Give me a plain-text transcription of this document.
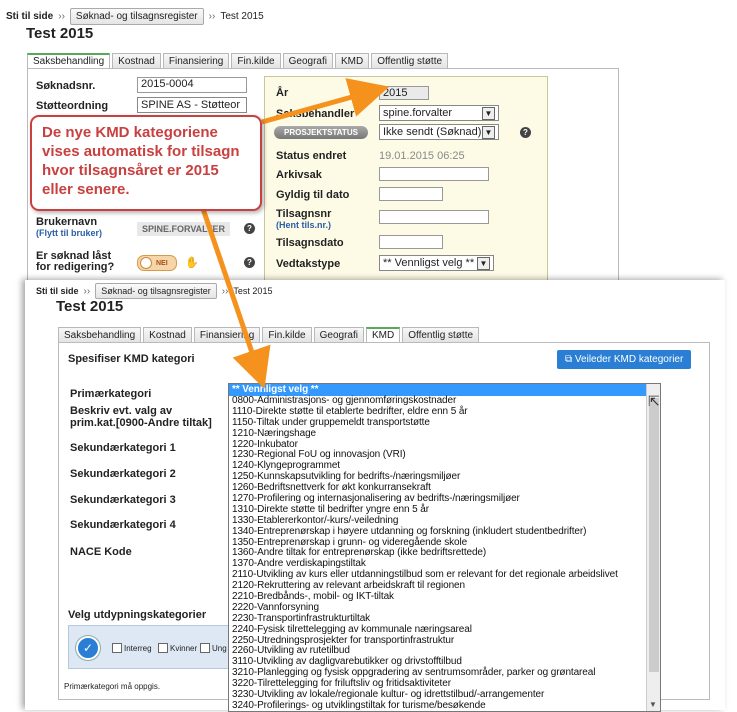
Sti til side ››	Søknad- og tilsagnsregister	›› Test 2015
Test 2015
Saksbehandling	Kostnad	Finansiering	Fin.kilde	Geografi	KMD	Offentlig støtte
Søknadsnr.	2015-0004
Støtteordning	SPINE AS - Støtteor
Brukernavn
(Flytt til bruker)	SPINE.FORVALTER	?
Er søknad låst
for redigering?	NEI ✋	?
År	2015
Saksbehandler	spine.forvalter	▼
PROSJEKTSTATUS	Ikke sendt (Søknad) ▼	?
Status endret	19.01.2015 06:25
Arkivsak
Gyldig til dato
Tilsagnsnr
(Hent tils.nr.)
Tilsagnsdato
Vedtakstype	** Vennligst velg ** ▼
Sti til side ››	Søknad- og tilsagnsregister	›› Test 2015
Test 2015
Saksbehandling	Kostnad	Finansiering	Fin.kilde	Geografi	KMD	Offentlig støtte
Spesifiser KMD kategori	⧉ Veileder KMD kategorier
Primærkategori
Beskriv evt. valg av
prim.kat.[0900-Andre tiltak]
Sekundærkategori 1
Sekundærkategori 2
Sekundærkategori 3
Sekundærkategori 4
NACE Kode
Velg utdypningskategorier
✓	Interreg Kvinner Ung
Primærkategori må oppgis.
** Vennligst velg **
0800-Administrasjons- og gjennomføringskostnader
1110-Direkte støtte til etablerte bedrifter, eldre enn 5 år
1150-Tiltak under gruppemeldt transportstøtte
1210-Næringshage
1220-Inkubator
1230-Regional FoU og innovasjon (VRI)
1240-Klyngeprogrammet
1250-Kunnskapsutvikling for bedrifts-/næringsmiljøer
1260-Bedriftsnettverk for økt konkurransekraft
1270-Profilering og internasjonalisering av bedrifts-/næringsmiljøer
1310-Direkte støtte til bedrifter yngre enn 5 år
1330-Etablererkontor/-kurs/-veiledning
1340-Entreprenørskap i høyere utdanning og forskning (inkludert studentbedrifter)
1350-Entreprenørskap i grunn- og videregående skole
1360-Andre tiltak for entreprenørskap (ikke bedriftsrettede)
1370-Andre verdiskapingstiltak
2110-Utvikling av kurs eller utdanningstilbud som er relevant for det regionale arbeidslivet
2120-Rekruttering av relevant arbeidskraft til regionen
2210-Bredbånds-, mobil- og IKT-tiltak
2220-Vannforsyning
2230-Transportinfrastrukturtiltak
2240-Fysisk tilrettelegging av kommunale næringsareal
2250-Utredningsprosjekter for transportinfrastruktur
2260-Utvikling av rutetilbud
3110-Utvikling av dagligvarebutikker og drivstofftilbud
3210-Planlegging og fysisk oppgradering av sentrumsområder, parker og grøntareal
3220-Tilrettelegging for friluftsliv og fritidsaktiviteter
3230-Utvikling av lokale/regionale kultur- og idrettstilbud/-arrangementer
3240-Profilerings- og utviklingstiltak for turisme/besøkende	▼
⇱
De nye KMD kategoriene vises automatisk for tilsagn hvor tilsagnsåret er 2015 eller senere.
